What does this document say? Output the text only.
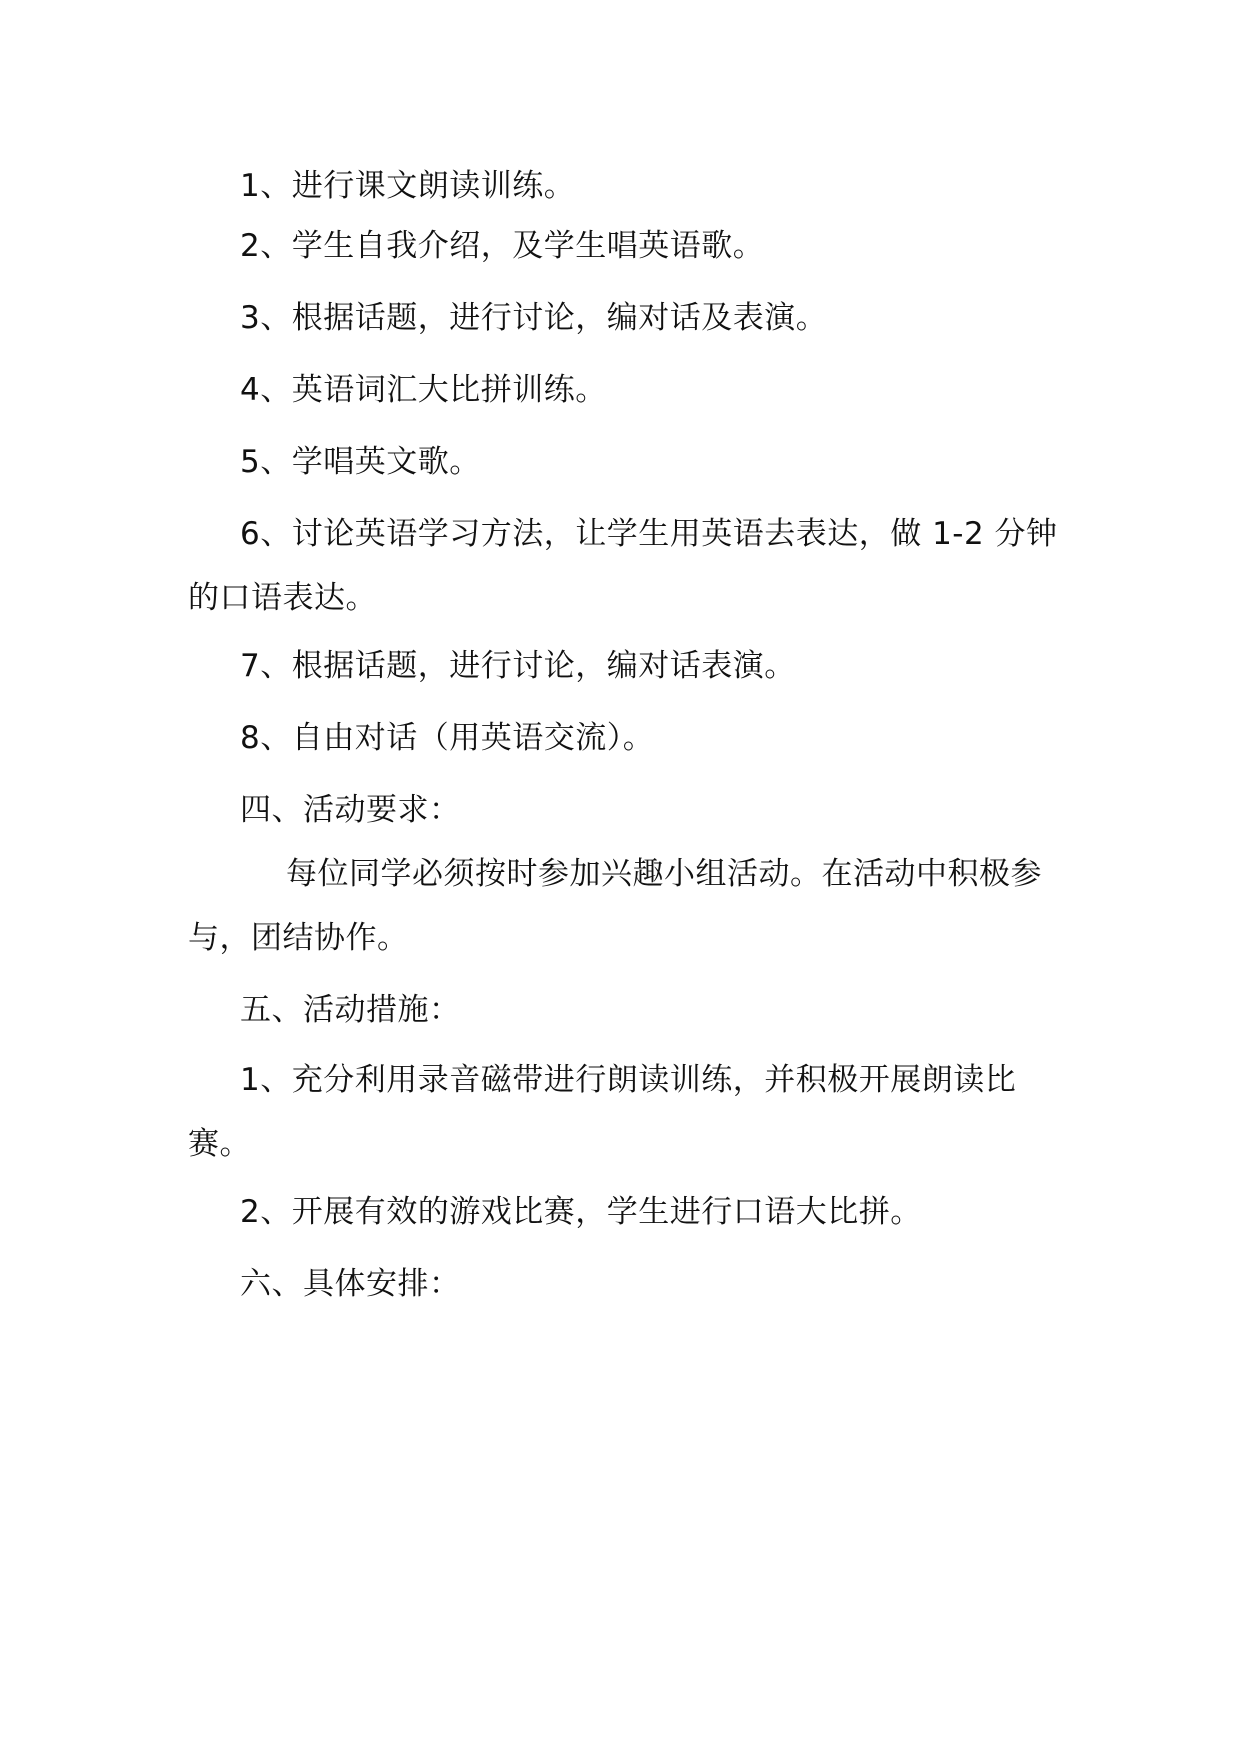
1、进行课文朗读训练。

2、学生自我介绍，及学生唱英语歌。

3、根据话题，进行讨论，编对话及表演。

4、英语词汇大比拼训练。

5、学唱英文歌。

6、讨论英语学习方法，让学生用英语去表达，做 1-2 分钟的口语表达。

7、根据话题，进行讨论，编对话表演。

8、自由对话（用英语交流）。

四、活动要求：

每位同学必须按时参加兴趣小组活动。在活动中积极参与，团结协作。

五、活动措施：

1、充分利用录音磁带进行朗读训练，并积极开展朗读比赛。

2、开展有效的游戏比赛，学生进行口语大比拼。

六、具体安排：
